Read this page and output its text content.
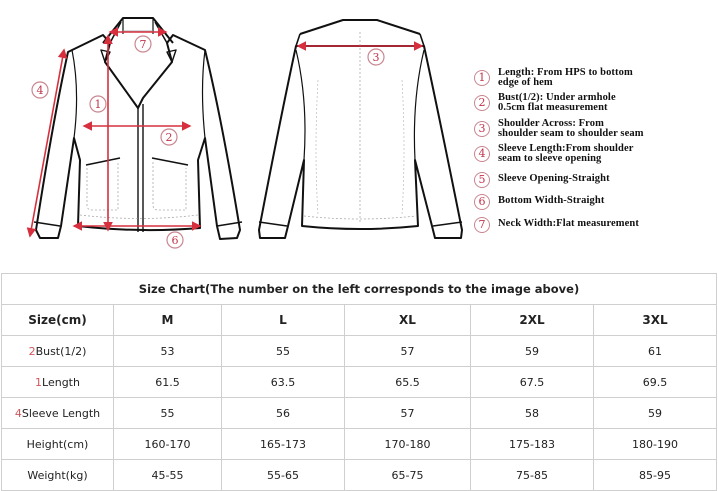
7
4
1
2
6
3
1	Length: From HPS to bottom
edge of hem
2	Bust(1/2): Under armhole
0.5cm flat measurement
3	Shoulder Across: From
shoulder seam to shoulder seam
4	Sleeve Length:From shoulder
seam to sleeve opening
5	Sleeve Opening-Straight
6	Bottom Width-Straight
7	Neck Width:Flat measurement
Size Chart(The number on the left corresponds to the image above)					
Size(cm)	M	L	XL	2XL	3XL
2Bust(1/2)	53	55	57	59	61
1Length	61.5	63.5	65.5	67.5	69.5
4Sleeve Length	55	56	57	58	59
Height(cm)	160-170	165-173	170-180	175-183	180-190
Weight(kg)	45-55	55-65	65-75	75-85	85-95
